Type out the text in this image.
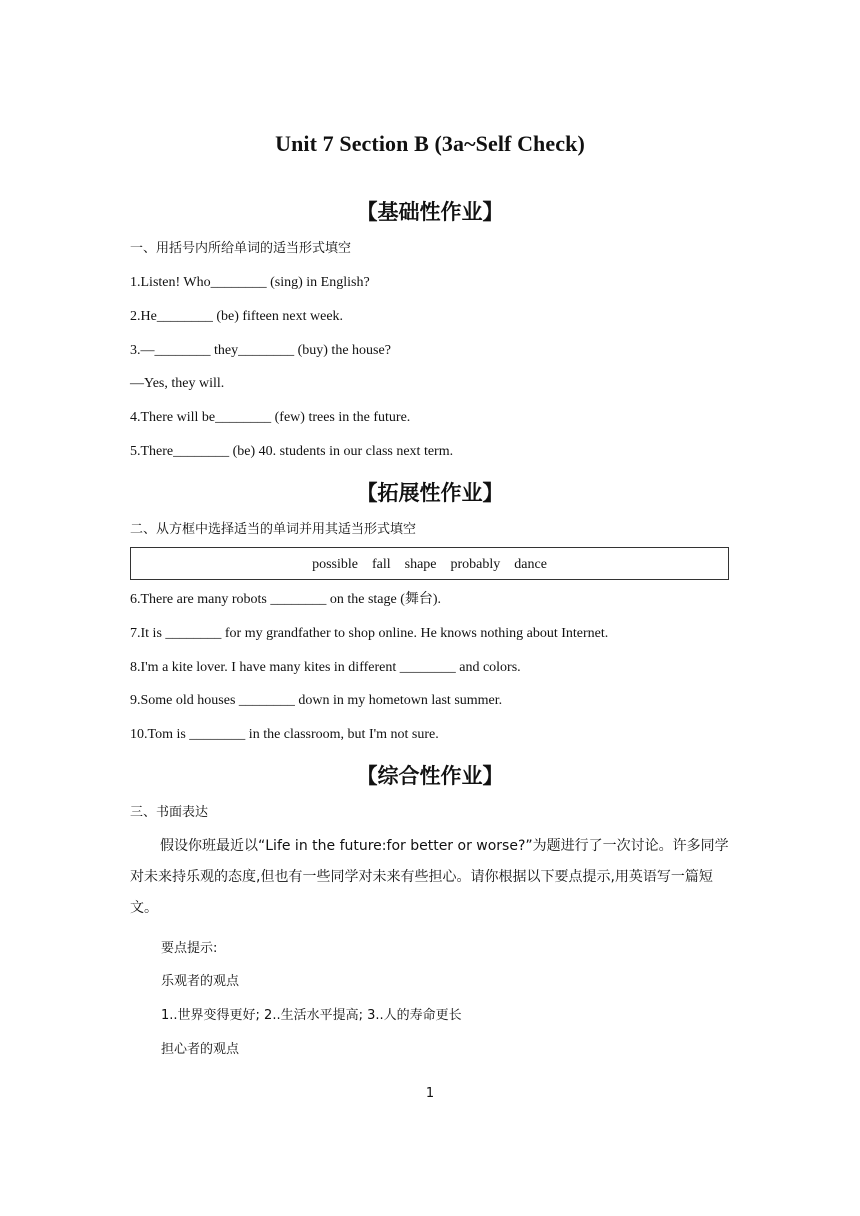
Unit 7 Section B (3a~Self Check)
【基础性作业】
一、用括号内所给单词的适当形式填空
1.Listen! Who________ (sing) in English?
2.He________ (be) fifteen next week.
3.—________ they________ (buy) the house?
—Yes, they will.
4.There will be________ (few) trees in the future.
5.There________ (be) 40. students in our class next term.
【拓展性作业】
二、从方框中选择适当的单词并用其适当形式填空
possible    fall    shape    probably    dance
6.There are many robots ________ on the stage (舞台).
7.It is ________ for my grandfather to shop online. He knows nothing about Internet.
8.I'm a kite lover. I have many kites in different ________ and colors.
9.Some old houses ________ down in my hometown last summer.
10.Tom is ________ in the classroom, but I'm not sure.
【综合性作业】
三、书面表达
假设你班最近以“Life in the future:for better or worse?”为题进行了一次讨论。许多同学对未来持乐观的态度,但也有一些同学对未来有些担心。请你根据以下要点提示,用英语写一篇短文。
要点提示:
乐观者的观点
1..世界变得更好; 2..生活水平提高; 3..人的寿命更长
担心者的观点
1
